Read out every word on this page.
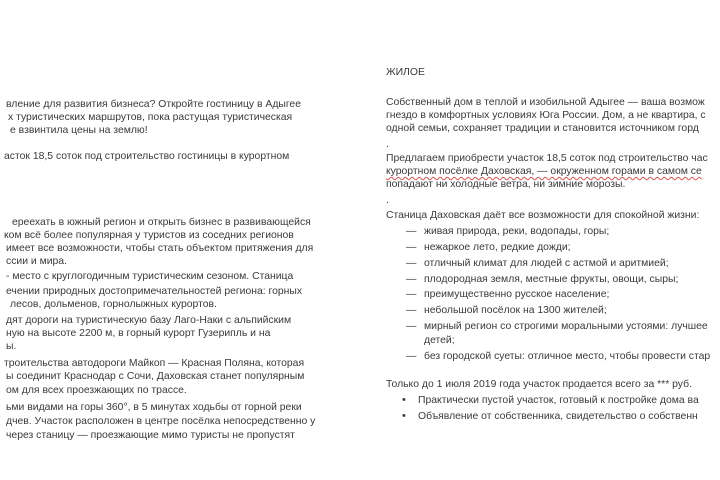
вление для развития бизнеса? Откройте гостиницу в Адыгее
х туристических маршрутов, пока растущая туристическая
е взвинтила цены на землю!
асток 18,5 соток под строительство гостиницы в курортном
ереехать в южный регион и открыть бизнес в развивающейся
ком всё более популярная у туристов из соседних регионов
имеет все возможности, чтобы стать объектом притяжения для
ссии и мира.
- место с круглогодичным туристическим сезоном. Станица
ечении природных достопримечательностей региона: горных
лесов, дольменов, горнолыжных курортов.
дят дороги на туристическую базу Лаго-Наки с альпийским
ную на высоте 2200 м, в горный курорт Гузерипль и на
ы.
троительства автодороги Майкоп — Красная Поляна, которая
ы соединит Краснодар с Сочи, Даховская станет популярным
ом для всех проезжающих по трассе.
ьми видами на горы 360°, в 5 минутах ходьбы от горной реки
дчев. Участок расположен в центре посёлка непосредственно у
через станицу — проезжающие мимо туристы не пропустят
ЖИЛОЕ
Собственный дом в теплой и изобильной Адыгее — ваша возмож
гнездо в комфортных условиях Юга России. Дом, а не квартира, с
одной семьи, сохраняет традиции и становится источником горд
.
Предлагаем приобрести участок 18,5 соток под строительство час
курортном посёлке Даховская, — окруженном горами в самом се
попадают ни холодные ветра, ни зимние морозы.
.
Станица Даховская даёт все возможности для спокойной жизни:
— живая природа, реки, водопады, горы;
— нежаркое лето, редкие дожди;
— отличный климат для людей с астмой и аритмией;
— плодородная земля, местные фрукты, овощи, сыры;
— преимущественно русское население;
— небольшой посёлок на 1300 жителей;
— мирный регион со строгими моральными устоями: лучшее
детей;
— без городской суеты: отличное место, чтобы провести стар
Только до 1 июля 2019 года участок продается всего за *** руб.
• Практически пустой участок, готовый к постройке дома ва
• Объявление от собственника, свидетельство о собственн
